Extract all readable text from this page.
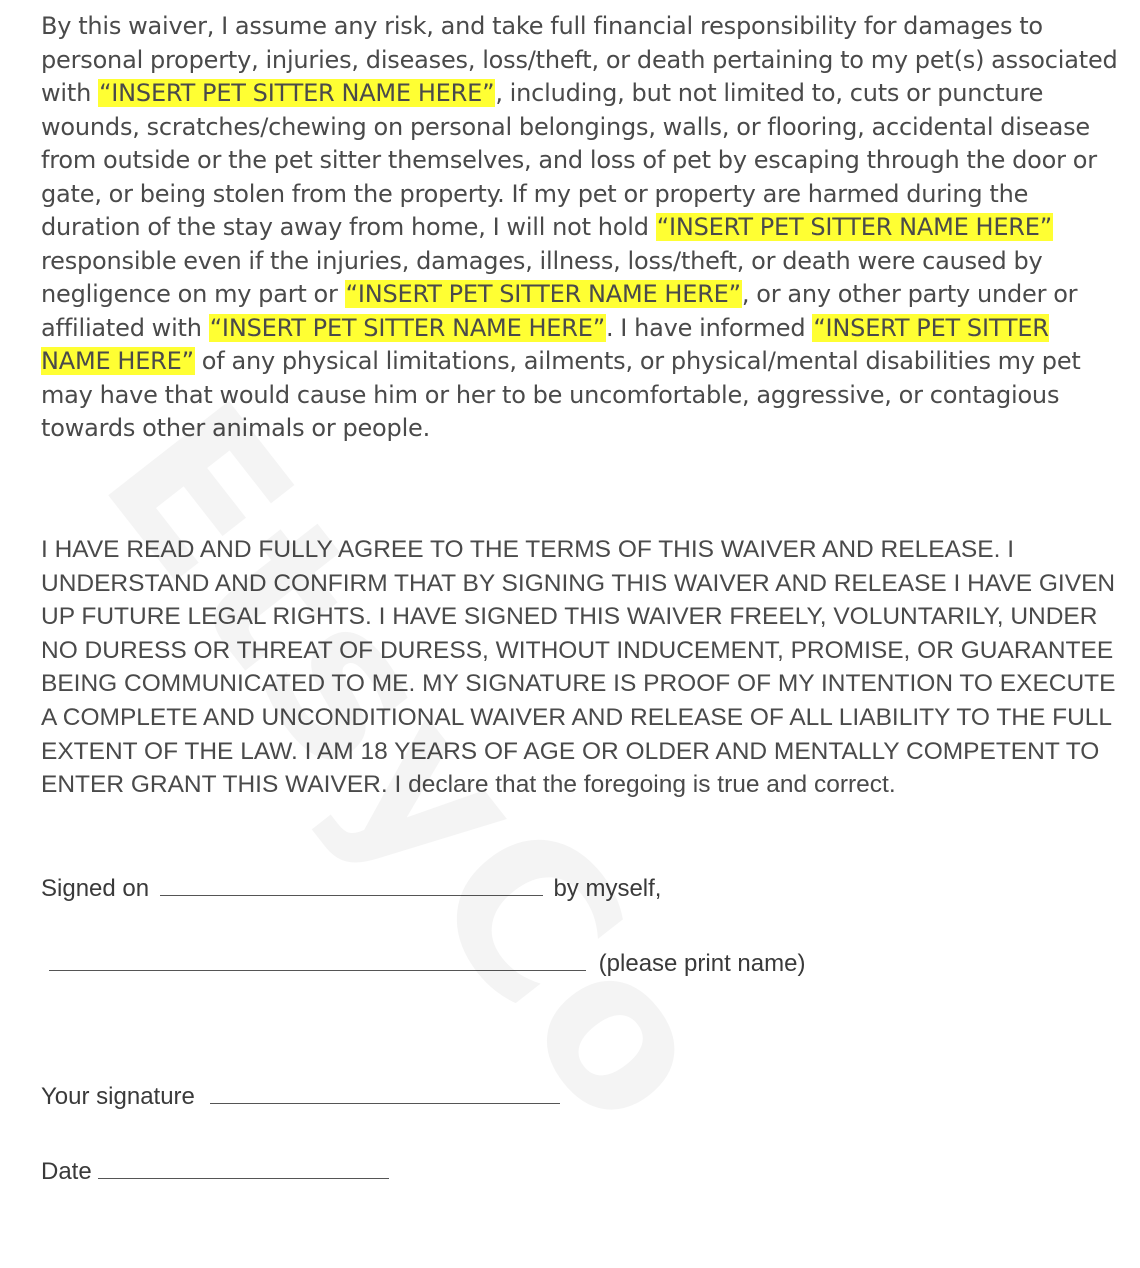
By this waiver, I assume any risk, and take full financial responsibility for damages to personal property, injuries, diseases, loss/theft, or death pertaining to my pet(s) associated with “INSERT PET SITTER NAME HERE”, including, but not limited to, cuts or puncture wounds, scratches/chewing on personal belongings, walls, or flooring, accidental disease from outside or the pet sitter themselves, and loss of pet by escaping through the door or gate, or being stolen from the property. If my pet or property are harmed during the duration of the stay away from home, I will not hold “INSERT PET SITTER NAME HERE” responsible even if the injuries, damages, illness, loss/theft, or death were caused by negligence on my part or “INSERT PET SITTER NAME HERE”, or any other party under or affiliated with “INSERT PET SITTER NAME HERE”. I have informed “INSERT PET SITTER NAME HERE” of any physical limitations, ailments, or physical/mental disabilities my pet may have that would cause him or her to be uncomfortable, aggressive, or contagious towards other animals or people.

I HAVE READ AND FULLY AGREE TO THE TERMS OF THIS WAIVER AND RELEASE. I UNDERSTAND AND CONFIRM THAT BY SIGNING THIS WAIVER AND RELEASE I HAVE GIVEN UP FUTURE LEGAL RIGHTS. I HAVE SIGNED THIS WAIVER FREELY, VOLUNTARILY, UNDER NO DURESS OR THREAT OF DURESS, WITHOUT INDUCEMENT, PROMISE, OR GUARANTEE BEING COMMUNICATED TO ME. MY SIGNATURE IS PROOF OF MY INTENTION TO EXECUTE A COMPLETE AND UNCONDITIONAL WAIVER AND RELEASE OF ALL LIABILITY TO THE FULL EXTENT OF THE LAW. I AM 18 YEARS OF AGE OR OLDER AND MENTALLY COMPETENT TO ENTER GRANT THIS WAIVER. I declare that the foregoing is true and correct.

Signed on	by myself,
(please print name)
Your signature
Date
